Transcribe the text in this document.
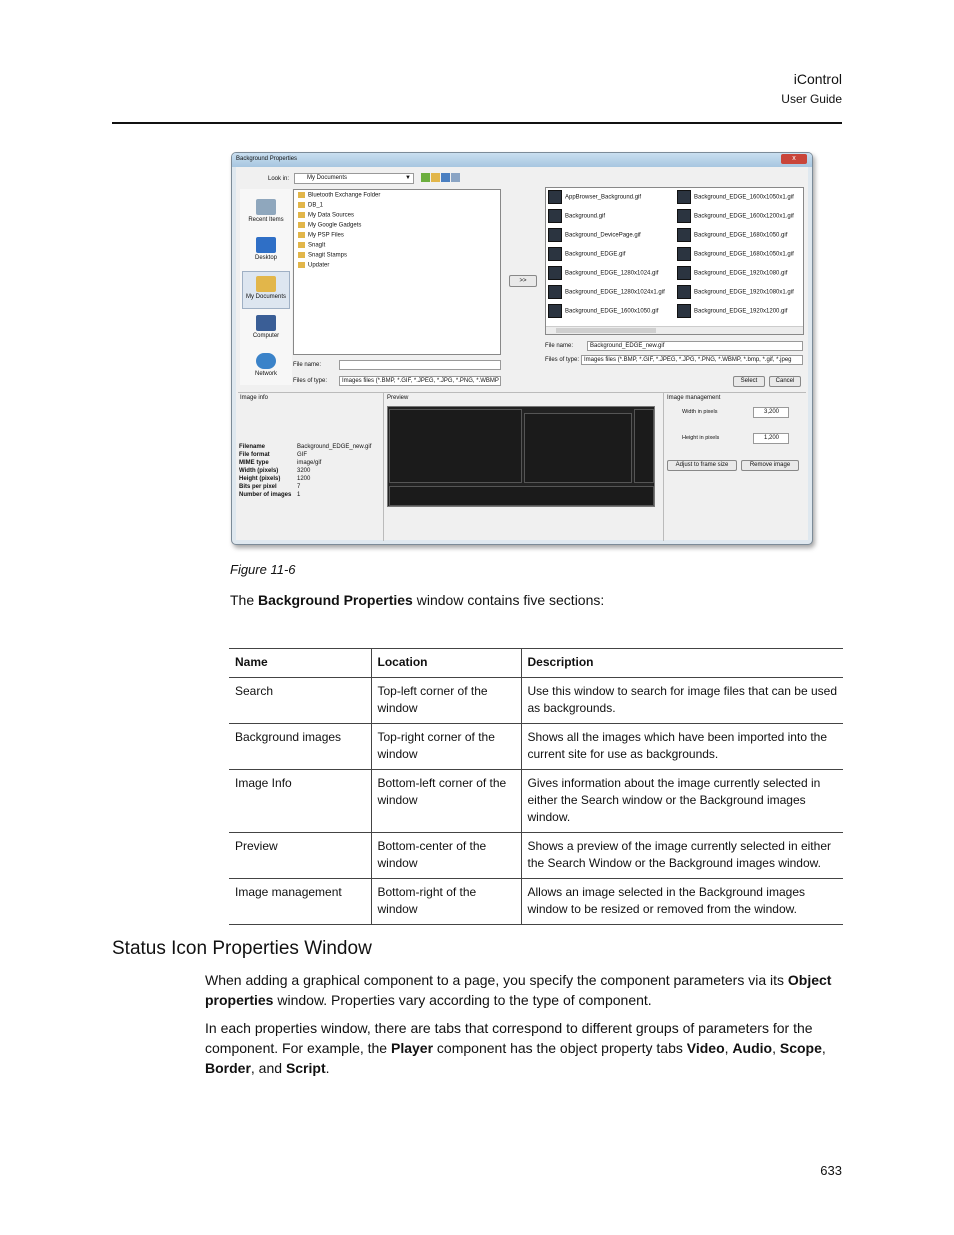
iControl
User Guide
Background Properties	x
Look in:	My Documents	▼
Recent Items
Desktop
My Documents
Computer
Network
Bluetooth Exchange Folder
DB_1
My Data Sources
My Google Gadgets
My PSP Files
SnagIt
Snagit Stamps
Updater
File name:
Files of type:	Images files (*.BMP, *.GIF, *.JPEG, *.JPG, *.PNG, *.WBMP
>>
AppBrowser_Background.gif
Background.gif
Background_DevicePage.gif
Background_EDGE.gif
Background_EDGE_1280x1024.gif
Background_EDGE_1280x1024x1.gif
Background_EDGE_1600x1050.gif
Background_EDGE_1600x1050x1.gif
Background_EDGE_1600x1200x1.gif
Background_EDGE_1680x1050.gif
Background_EDGE_1680x1050x1.gif
Background_EDGE_1920x1080.gif
Background_EDGE_1920x1080x1.gif
Background_EDGE_1920x1200.gif
File name:	Background_EDGE_new.gif
Files of type: Images files (*.BMP, *.GIF, *.JPEG, *.JPG, *.PNG, *.WBMP, *.bmp, *.gif, *.jpeg
Select	Cancel
Image info
Filename	Background_EDGE_new.gif
File format	GIF
MIME type	image/gif
Width (pixels)	3200
Height (pixels)	1200
Bits per pixel	7
Number of images 1
Preview	Image management
Width in pixels	3,200
Height in pixels	1,200
Adjust to frame size	Remove image
Figure 11-6
The Background Properties window contains five sections:
Name	Location	Description
Search	Top-left corner of the window	Use this window to search for image files that can be used as backgrounds.
Background images	Top-right corner of the window	Shows all the images which have been imported into the current site for use as backgrounds.
Image Info	Bottom-left corner of the window	Gives information about the image currently selected in either the Search window or the Background images window.
Preview	Bottom-center of the window	Shows a preview of the image currently selected in either the Search Window or the Background images window.
Image management	Bottom-right of the window	Allows an image selected in the Background images window to be resized or removed from the window.
Status Icon Properties Window

When adding a graphical component to a page, you specify the component parameters via its Object properties window. Properties vary according to the type of component.

In each properties window, there are tabs that correspond to different groups of parameters for the component. For example, the Player component has the object property tabs Video, Audio, Scope, Border, and Script.

633
